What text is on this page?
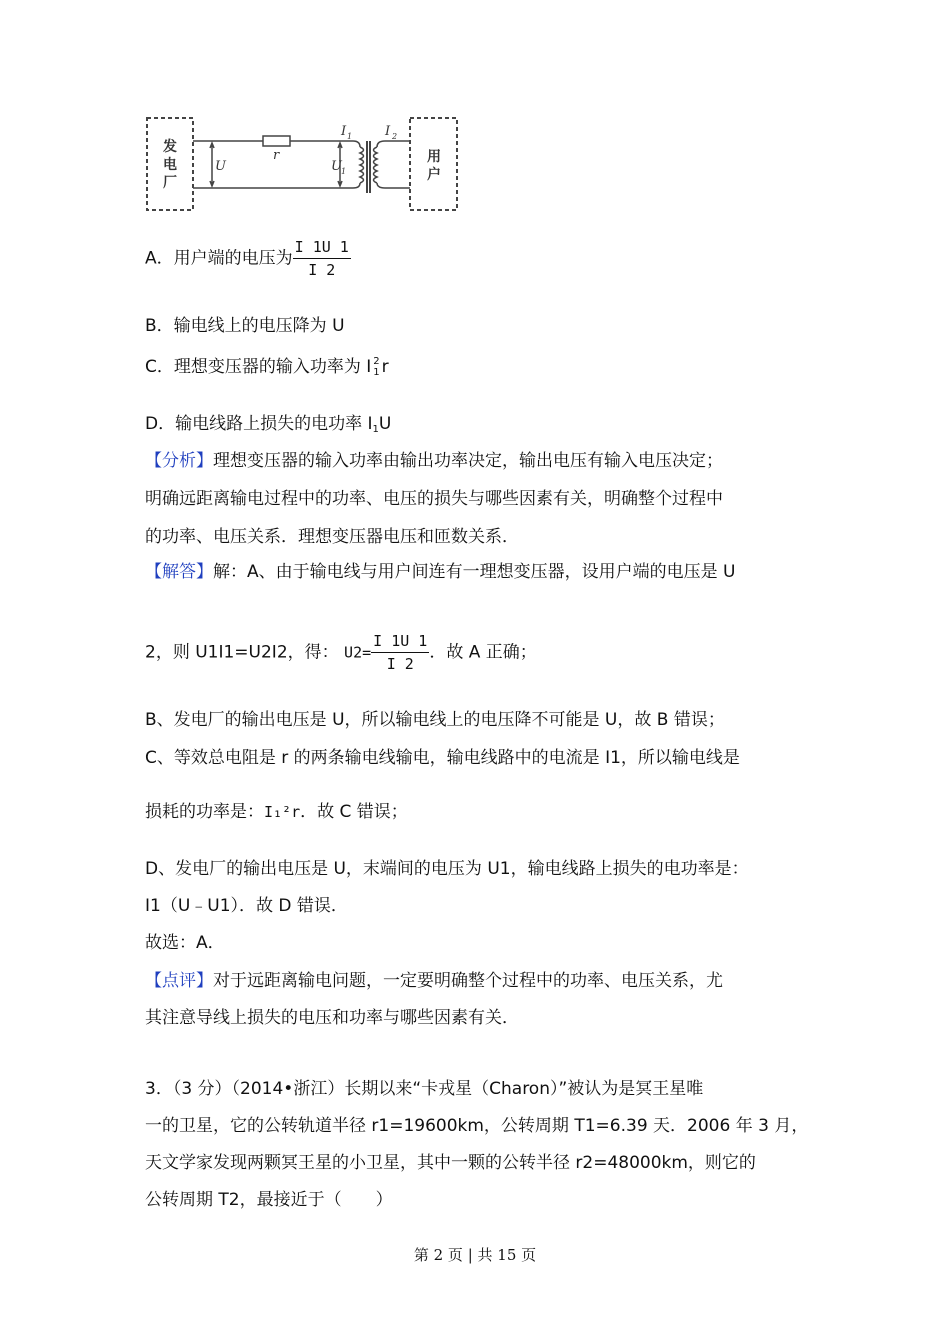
r
U	U 1
I 1	I 2
发
电
厂
用
户
A．用户端的电压为 $\frac{I 1U 1}{I 2}$
B．输电线上的电压降为 U
C．理想变压器的输入功率为 I 2
1 r
D．输电线路上损失的电功率 $I_1U$
【分析】理想变压器的输入功率由输出功率决定，输出电压有输入电压决定；
明确远距离输电过程中的功率、电压的损失与哪些因素有关，明确整个过程中
的功率、电压关系．理想变压器电压和匝数关系．
【解答】解：A、由于输电线与用户间连有一理想变压器，设用户端的电压是 U
2，则 U1I1=U2I2，得： $U2= \frac{I 1U 1}{I 2}$ ．故 A 正确；
B、发电厂的输出电压是 U，所以输电线上的电压降不可能是 U，故 B 错误；
C、等效总电阻是 r 的两条输电线输电，输电线路中的电流是 I1，所以输电线是
损耗的功率是：I₁²r．故 C 错误；
D、发电厂的输出电压是 U，末端间的电压为 U1，输电线路上损失的电功率是：
I1（U﹣U1）．故 D 错误．
故选：A．
【点评】对于远距离输电问题，一定要明确整个过程中的功率、电压关系，尤
其注意导线上损失的电压和功率与哪些因素有关．
3．（3 分）（2014•浙江）长期以来“卡戎星（Charon）”被认为是冥王星唯
一的卫星，它的公转轨道半径 r1=19600km，公转周期 T1=6.39 天．2006 年 3 月，
天文学家发现两颗冥王星的小卫星，其中一颗的公转半径 r2=48000km，则它的
公转周期 T2，最接近于（　　）
第 2 页 | 共 15 页
